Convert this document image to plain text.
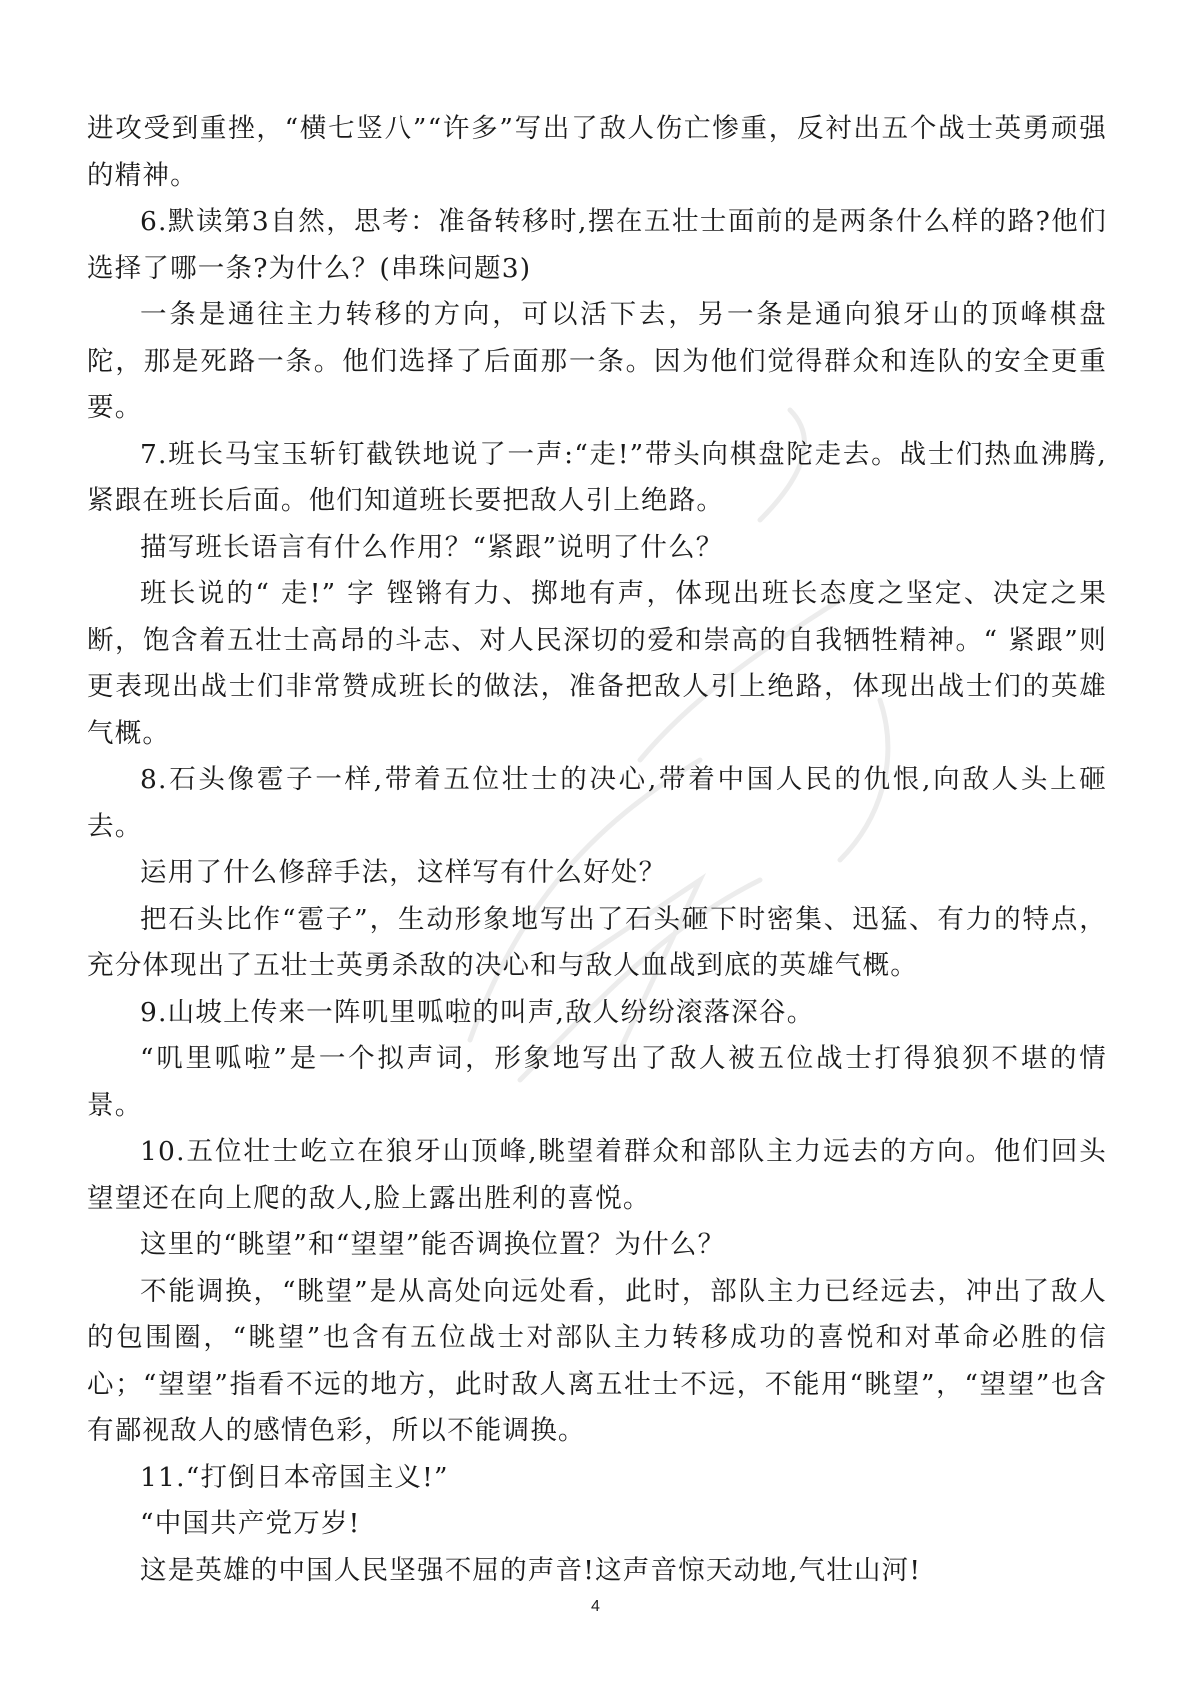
进攻受到重挫，“横七竖八”“许多”写出了敌人伤亡惨重，反衬出五个战士英勇顽强的精神。

6.默读第3自然，思考：准备转移时,摆在五壮士面前的是两条什么样的路?他们选择了哪一条?为什么？(串珠问题3)

一条是通往主力转移的方向，可以活下去，另一条是通向狼牙山的顶峰棋盘陀，那是死路一条。他们选择了后面那一条。因为他们觉得群众和连队的安全更重要。

7.班长马宝玉斩钉截铁地说了一声:“走!”带头向棋盘陀走去。战士们热血沸腾,紧跟在班长后面。他们知道班长要把敌人引上绝路。

描写班长语言有什么作用？“紧跟”说明了什么？

班长说的“ 走!” 字 铿锵有力、掷地有声，体现出班长态度之坚定、决定之果断，饱含着五壮士高昂的斗志、对人民深切的爱和崇高的自我牺牲精神。“ 紧跟”则更表现出战士们非常赞成班长的做法，准备把敌人引上绝路，体现出战士们的英雄气概。

8.石头像雹子一样,带着五位壮士的决心,带着中国人民的仇恨,向敌人头上砸去。

运用了什么修辞手法，这样写有什么好处？

把石头比作“雹子”，生动形象地写出了石头砸下时密集、迅猛、有力的特点，充分体现出了五壮士英勇杀敌的决心和与敌人血战到底的英雄气概。

9.山坡上传来一阵叽里呱啦的叫声,敌人纷纷滚落深谷。

“叽里呱啦”是一个拟声词，形象地写出了敌人被五位战士打得狼狈不堪的情景。

10.五位壮士屹立在狼牙山顶峰,眺望着群众和部队主力远去的方向。他们回头望望还在向上爬的敌人,脸上露出胜利的喜悦。

这里的“眺望”和“望望”能否调换位置？为什么？

不能调换，“眺望”是从高处向远处看，此时，部队主力已经远去，冲出了敌人的包围圈，“眺望”也含有五位战士对部队主力转移成功的喜悦和对革命必胜的信心；“望望”指看不远的地方，此时敌人离五壮士不远，不能用“眺望”，“望望”也含有鄙视敌人的感情色彩，所以不能调换。

11.“打倒日本帝国主义!”

“中国共产党万岁!

这是英雄的中国人民坚强不屈的声音!这声音惊天动地,气壮山河!

4
